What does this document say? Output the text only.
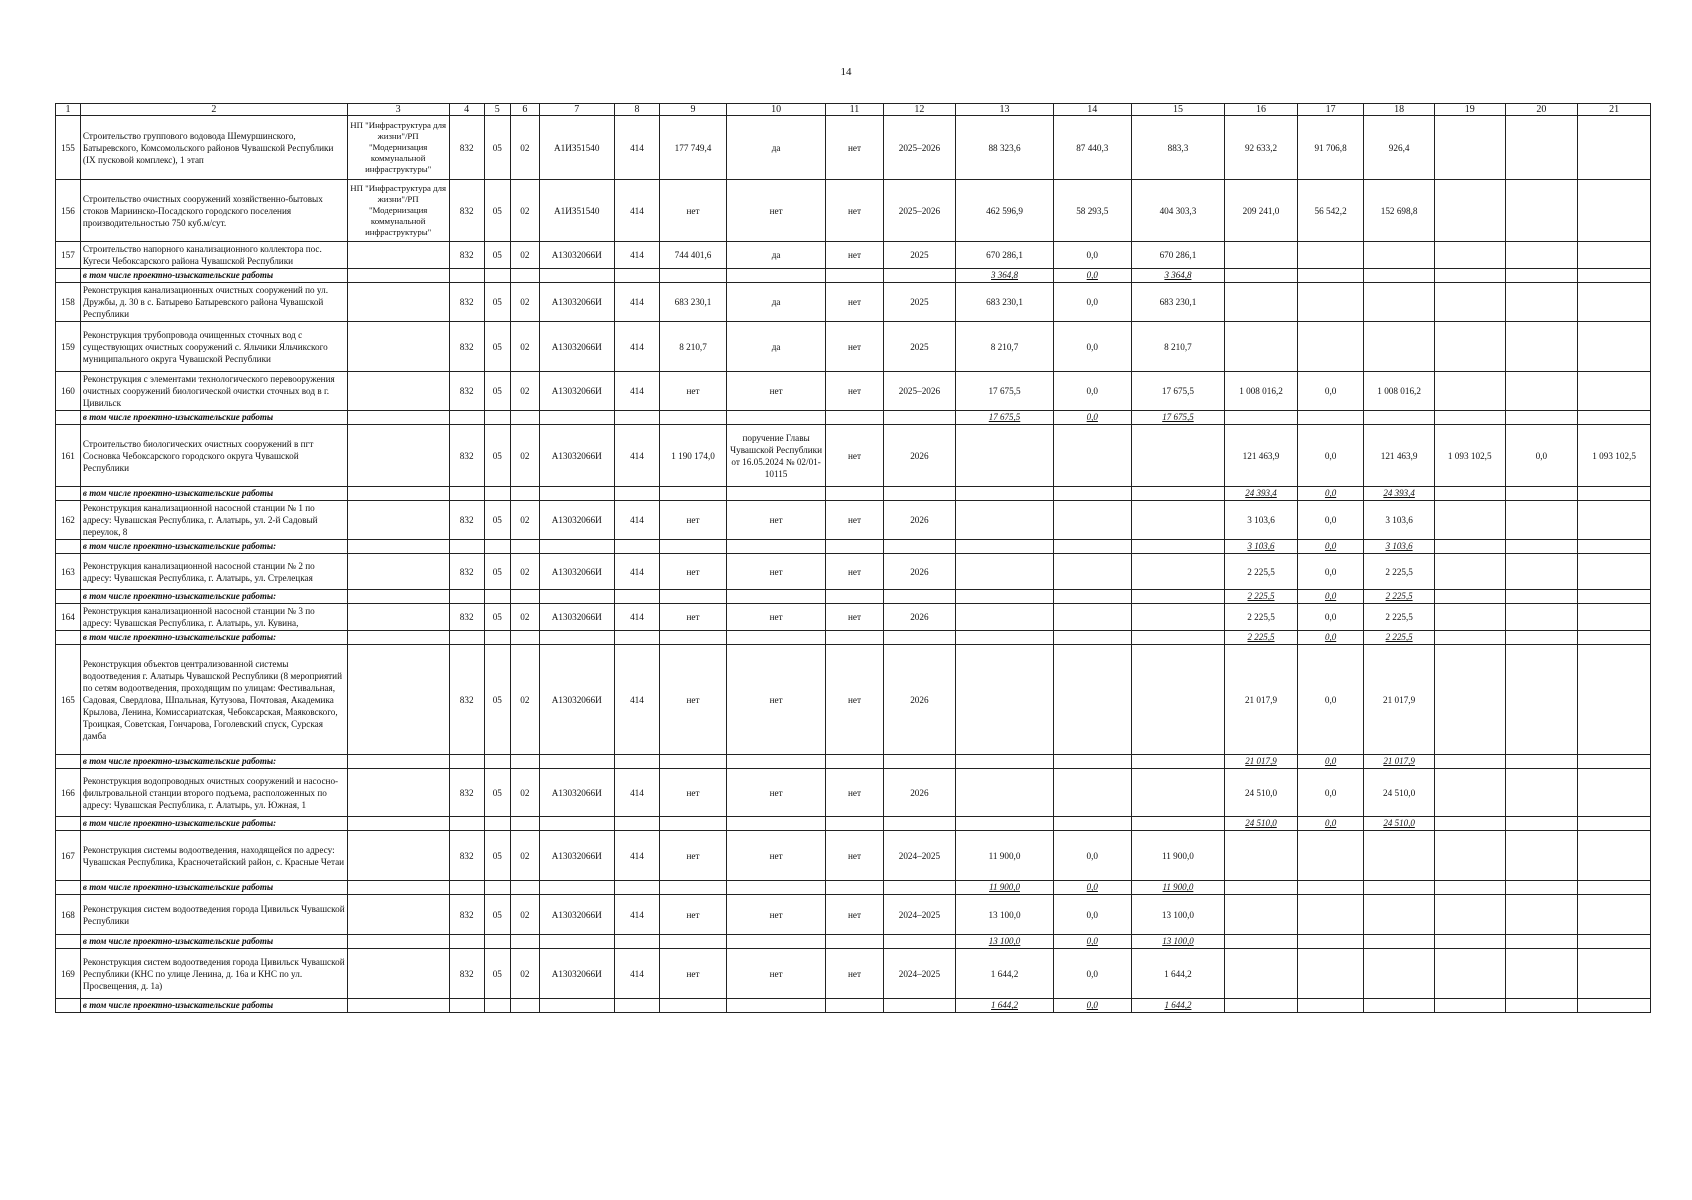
14
1	2	3	4	5	6	7	8	9	10	11	12	13	14	15	16	17	18	19	20	21
155	Строительство группового водовода Шемуршинского, Батыревского, Комсомольского районов Чувашской Республики (IX пусковой комплекс), 1 этап	НП "Инфраструктура для жизни"/РП "Модернизация коммунальной инфраструктуры"	832	05	02	А1ИЗ51540	414	177 749,4	да	нет	2025–2026	88 323,6	87 440,3	883,3	92 633,2	91 706,8	926,4			
156	Строительство очистных сооружений хозяйственно-бытовых стоков Мариинско-Посадского городского поселения производительностью 750 куб.м/сут.	НП "Инфраструктура для жизни"/РП "Модернизация коммунальной инфраструктуры"	832	05	02	А1ИЗ51540	414	нет	нет	нет	2025–2026	462 596,9	58 293,5	404 303,3	209 241,0	56 542,2	152 698,8			
157	Строительство напорного канализационного коллектора пос. Кугеси Чебоксарского района Чувашской Республики		832	05	02	А13032066И	414	744 401,6	да	нет	2025	670 286,1	0,0	670 286,1						
	в том числе проектно-изыскательские работы											3 364,8	0,0	3 364,8						
158	Реконструкция канализационных очистных сооружений по ул. Дружбы, д. 30 в с. Батырево Батыревского района Чувашской Республики		832	05	02	А13032066И	414	683 230,1	да	нет	2025	683 230,1	0,0	683 230,1						
159	Реконструкция трубопровода очищенных сточных вод с существующих очистных сооружений с. Яльчики Яльчикского муниципального округа Чувашской Республики		832	05	02	А13032066И	414	8 210,7	да	нет	2025	8 210,7	0,0	8 210,7						
160	Реконструкция с элементами технологического перевооружения очистных сооружений биологической очистки сточных вод в г. Цивильск		832	05	02	А13032066И	414	нет	нет	нет	2025–2026	17 675,5	0,0	17 675,5	1 008 016,2	0,0	1 008 016,2			
	в том числе проектно-изыскательские работы											17 675,5	0,0	17 675,5						
161	Строительство биологических очистных сооружений в пгт Сосновка Чебоксарского городского округа Чувашской Республики		832	05	02	А13032066И	414	1 190 174,0	поручение Главы Чувашской Республики от 16.05.2024 № 02/01-10115	нет	2026				121 463,9	0,0	121 463,9	1 093 102,5	0,0	1 093 102,5
	в том числе проектно-изыскательские работы														24 393,4	0,0	24 393,4			
162	Реконструкция канализационной насосной станции № 1 по адресу: Чувашская Республика, г. Алатырь, ул. 2-й Садовый переулок, 8		832	05	02	А13032066И	414	нет	нет	нет	2026				3 103,6	0,0	3 103,6			
	в том числе проектно-изыскательские работы:														3 103,6	0,0	3 103,6			
163	Реконструкция канализационной насосной станции № 2 по адресу: Чувашская Республика, г. Алатырь, ул. Стрелецкая		832	05	02	А13032066И	414	нет	нет	нет	2026				2 225,5	0,0	2 225,5			
	в том числе проектно-изыскательские работы:														2 225,5	0,0	2 225,5			
164	Реконструкция канализационной насосной станции № 3 по адресу: Чувашская Республика, г. Алатырь, ул. Кувина,		832	05	02	А13032066И	414	нет	нет	нет	2026				2 225,5	0,0	2 225,5			
	в том числе проектно-изыскательские работы:														2 225,5	0,0	2 225,5			
165	Реконструкция объектов централизованной системы водоотведения г. Алатырь Чувашской Республики (8 мероприятий по сетям водоотведения, проходящим по улицам: Фестивальная, Садовая, Свердлова, Шпальная, Кутузова, Почтовая, Академика Крылова, Ленина, Комиссариатская, Чебоксарская, Маяковского, Троицкая, Советская, Гончарова, Гоголевский спуск, Сурская дамба		832	05	02	А13032066И	414	нет	нет	нет	2026				21 017,9	0,0	21 017,9			
	в том числе проектно-изыскательские работы:														21 017,9	0,0	21 017,9			
166	Реконструкция водопроводных очистных сооружений и насосно-фильтровальной станции второго подъема, расположенных по адресу: Чувашская Республика, г. Алатырь, ул. Южная, 1		832	05	02	А13032066И	414	нет	нет	нет	2026				24 510,0	0,0	24 510,0			
	в том числе проектно-изыскательские работы:														24 510,0	0,0	24 510,0			
167	Реконструкция системы водоотведения, находящейся по адресу: Чувашская Республика, Красночетайский район, с. Красные Четаи		832	05	02	А13032066И	414	нет	нет	нет	2024–2025	11 900,0	0,0	11 900,0						
	в том числе проектно-изыскательские работы											11 900,0	0,0	11 900,0						
168	Реконструкция систем водоотведения города Цивильск Чувашской Республики		832	05	02	А13032066И	414	нет	нет	нет	2024–2025	13 100,0	0,0	13 100,0						
	в том числе проектно-изыскательские работы											13 100,0	0,0	13 100,0						
169	Реконструкция систем водоотведения города Цивильск Чувашской Республики (КНС по улице Ленина, д. 16а и КНС по ул. Просвещения, д. 1а)		832	05	02	А13032066И	414	нет	нет	нет	2024–2025	1 644,2	0,0	1 644,2						
	в том числе проектно-изыскательские работы											1 644,2	0,0	1 644,2						
